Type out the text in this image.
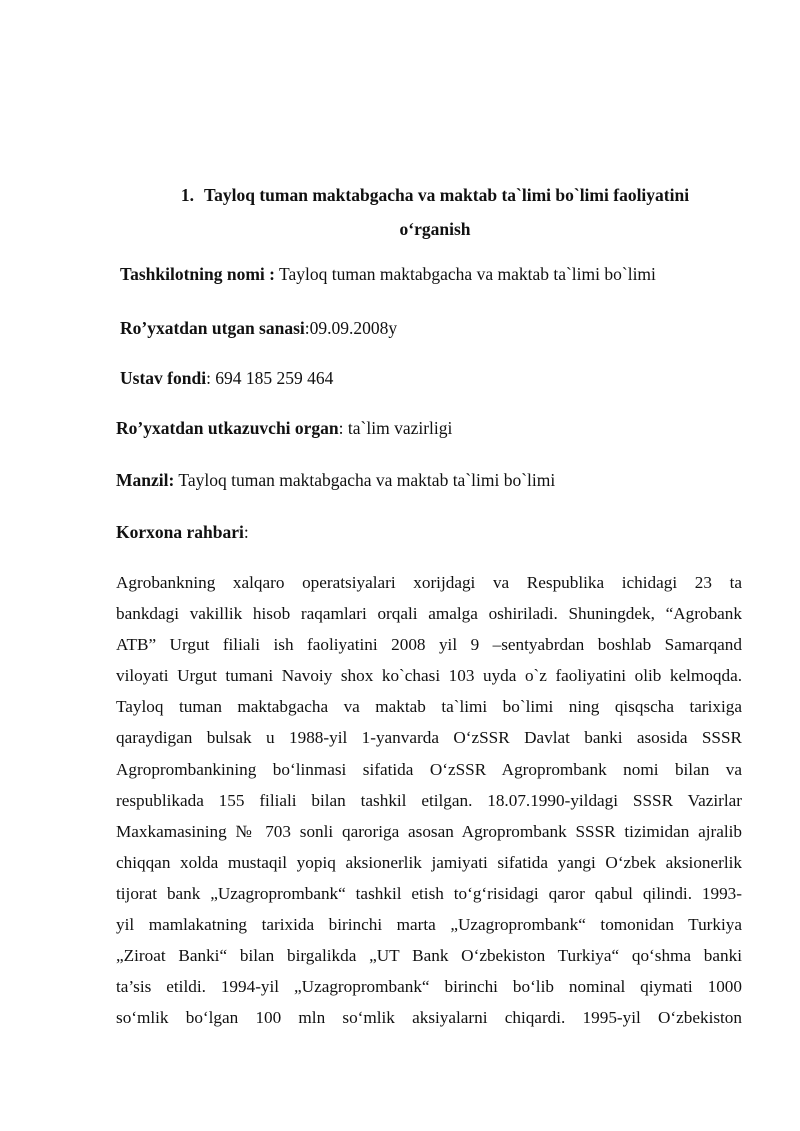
1. Tayloq tuman maktabgacha va maktab ta`limi bo`limi faoliyatini
o‘rganish
Tashkilotning nomi : Tayloq tuman maktabgacha va maktab ta`limi bo`limi
Ro’yxatdan utgan sanasi:09.09.2008y
Ustav fondi: 694 185 259 464
Ro’yxatdan utkazuvchi organ: ta`lim vazirligi
Manzil: Tayloq tuman maktabgacha va maktab ta`limi bo`limi
Korxona rahbari:
Agrobankning xalqaro operatsiyalari xorijdagi va Respublika ichidagi 23 ta
bankdagi vakillik hisob raqamlari orqali amalga oshiriladi. Shuningdek, “Agrobank
ATB” Urgut filiali ish faoliyatini 2008 yil 9 –sentyabrdan boshlab Samarqand
viloyati Urgut tumani Navoiy shox ko`chasi 103 uyda o`z faoliyatini olib kelmoqda.
Tayloq tuman maktabgacha va maktab ta`limi bo`limi ning qisqscha tarixiga
qaraydigan bulsak u 1988-yil 1-yanvarda O‘zSSR Davlat banki asosida SSSR
Agroprombankining bo‘linmasi sifatida O‘zSSR Agroprombank nomi bilan va
respublikada 155 filiali bilan tashkil etilgan. 18.07.1990-yildagi SSSR Vazirlar
Maxkamasining № 703 sonli qaroriga asosan Agroprombank SSSR tizimidan ajralib
chiqqan xolda mustaqil yopiq aksionerlik jamiyati sifatida yangi O‘zbek aksionerlik
tijorat bank „Uzagroprombank“ tashkil etish to‘g‘risidagi qaror qabul qilindi. 1993-
yil mamlakatning tarixida birinchi marta „Uzagroprombank“ tomonidan Turkiya
„Ziroat Banki“ bilan birgalikda „UT Bank O‘zbekiston Turkiya“ qo‘shma banki
ta’sis etildi. 1994-yil „Uzagroprombank“ birinchi bo‘lib nominal qiymati 1000
so‘mlik bo‘lgan 100 mln so‘mlik aksiyalarni chiqardi. 1995-yil O‘zbekiston
